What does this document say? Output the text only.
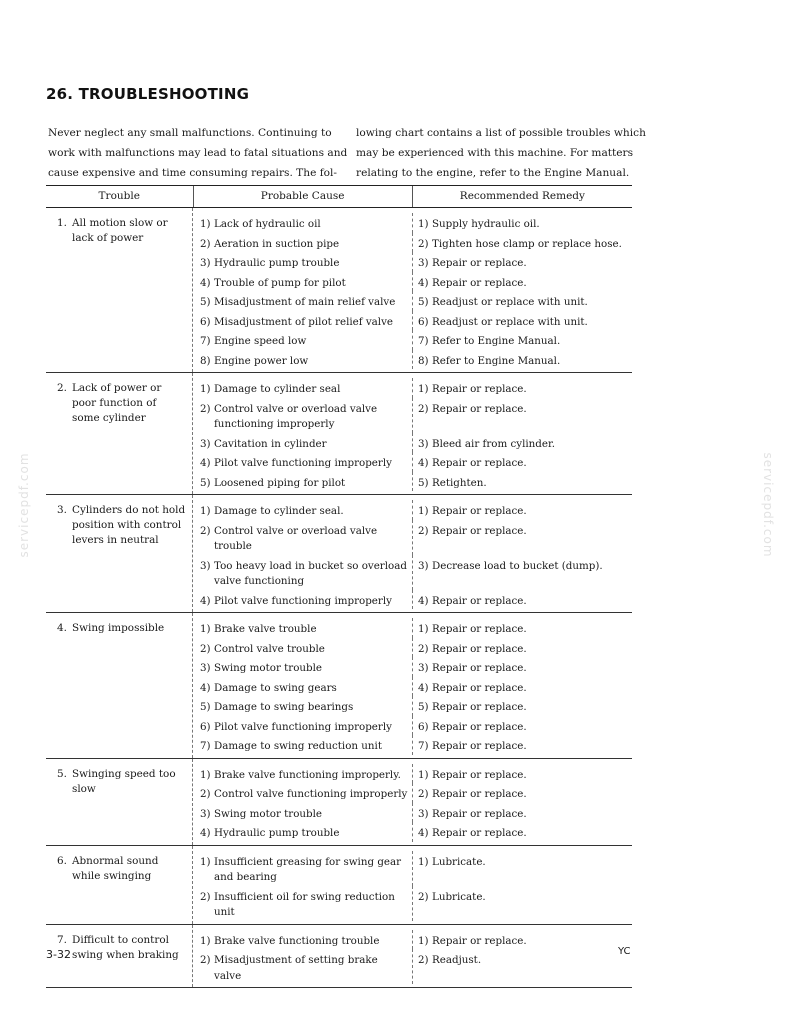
26. TROUBLESHOOTING
Never neglect any small malfunctions. Continuing to
work with malfunctions may lead to fatal situations and
cause expensive and time consuming repairs. The fol-
lowing chart contains a list of possible troubles which
may be experienced with this machine. For matters
relating to the engine, refer to the Engine Manual.
servicepdf.com	servicepdf.com
Trouble	Probable Cause	Recommended Remedy
1. All motion slow or lack of power
1) Lack of hydraulic oil	1) Supply hydraulic oil.
2) Aeration in suction pipe	2) Tighten hose clamp or replace hose.
3) Hydraulic pump trouble	3) Repair or replace.
4) Trouble of pump for pilot	4) Repair or replace.
5) Misadjustment of main relief valve	5) Readjust or replace with unit.
6) Misadjustment of pilot relief valve	6) Readjust or replace with unit.
7) Engine speed low	7) Refer to Engine Manual.
8) Engine power low	8) Refer to Engine Manual.
2. Lack of power or poor function of some cylinder
1) Damage to cylinder seal	1) Repair or replace.
2) Control valve or overload valve functioning improperly
2) Repair or replace.
3) Cavitation in cylinder	3) Bleed air from cylinder.
4) Pilot valve functioning improperly	4) Repair or replace.
5) Loosened piping for pilot	5) Retighten.
3. Cylinders do not hold position with control levers in neutral
1) Damage to cylinder seal.	1) Repair or replace.
2) Control valve or overload valve trouble
2) Repair or replace.
3) Too heavy load in bucket so overload valve functioning
3) Decrease load to bucket (dump).
4) Pilot valve functioning improperly	4) Repair or replace.
4. Swing impossible	1) Brake valve trouble	1) Repair or replace.
2) Control valve trouble	2) Repair or replace.
3) Swing motor trouble	3) Repair or replace.
4) Damage to swing gears	4) Repair or replace.
5) Damage to swing bearings	5) Repair or replace.
6) Pilot valve functioning improperly	6) Repair or replace.
7) Damage to swing reduction unit	7) Repair or replace.
5. Swinging speed too slow
1) Brake valve functioning improperly.	1) Repair or replace.
2) Control valve functioning improperly 2) Repair or replace.
3) Swing motor trouble	3) Repair or replace.
4) Hydraulic pump trouble	4) Repair or replace.
6. Abnormal sound while swinging
1) Insufficient greasing for swing gear and bearing
1) Lubricate.
2) Insufficient oil for swing reduction unit
2) Lubricate.
7. Difficult to control swing when braking
1) Brake valve functioning trouble	1) Repair or replace.
2) Misadjustment of setting brake valve
2) Readjust.
3-32	YC
